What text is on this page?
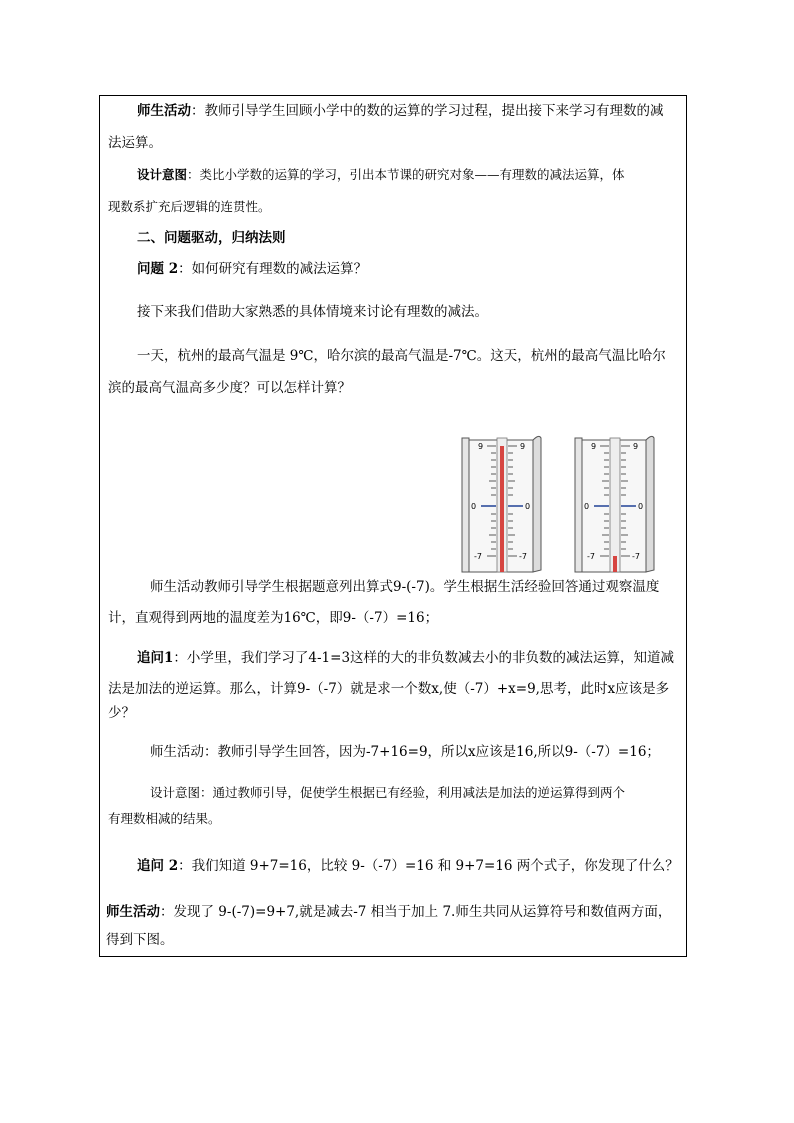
师生活动：教师引导学生回顾小学中的数的运算的学习过程，提出接下来学习有理数的减
法运算。
设计意图：类比小学数的运算的学习，引出本节课的研究对象——有理数的减法运算，体
现数系扩充后逻辑的连贯性。
二、问题驱动，归纳法则
问题 2：如何研究有理数的减法运算？
接下来我们借助大家熟悉的具体情境来讨论有理数的减法。
一天，杭州的最高气温是 9℃，哈尔滨的最高气温是-7℃。这天，杭州的最高气温比哈尔
滨的最高气温高多少度？可以怎样计算？
9	9
0	0
-7	-7
9	9
0	0
-7	-7
师生活动教师引导学生根据题意列出算式9-(-7)。学生根据生活经验回答通过观察温度
计，直观得到两地的温度差为16℃，即9-（-7）=16；
追问1：小学里，我们学习了4-1=3这样的大的非负数减去小的非负数的减法运算，知道减
法是加法的逆运算。那么，计算9-（-7）就是求一个数x,使（-7）+x=9,思考，此时x应该是多
少？
师生活动：教师引导学生回答，因为-7+16=9，所以x应该是16,所以9-（-7）=16；
设计意图：通过教师引导，促使学生根据已有经验，利用减法是加法的逆运算得到两个
有理数相减的结果。
追问 2：我们知道 9+7=16，比较 9-（-7）=16 和 9+7=16 两个式子，你发现了什么？
师生活动：发现了 9-(-7)=9+7,就是减去-7 相当于加上 7.师生共同从运算符号和数值两方面，
得到下图。
